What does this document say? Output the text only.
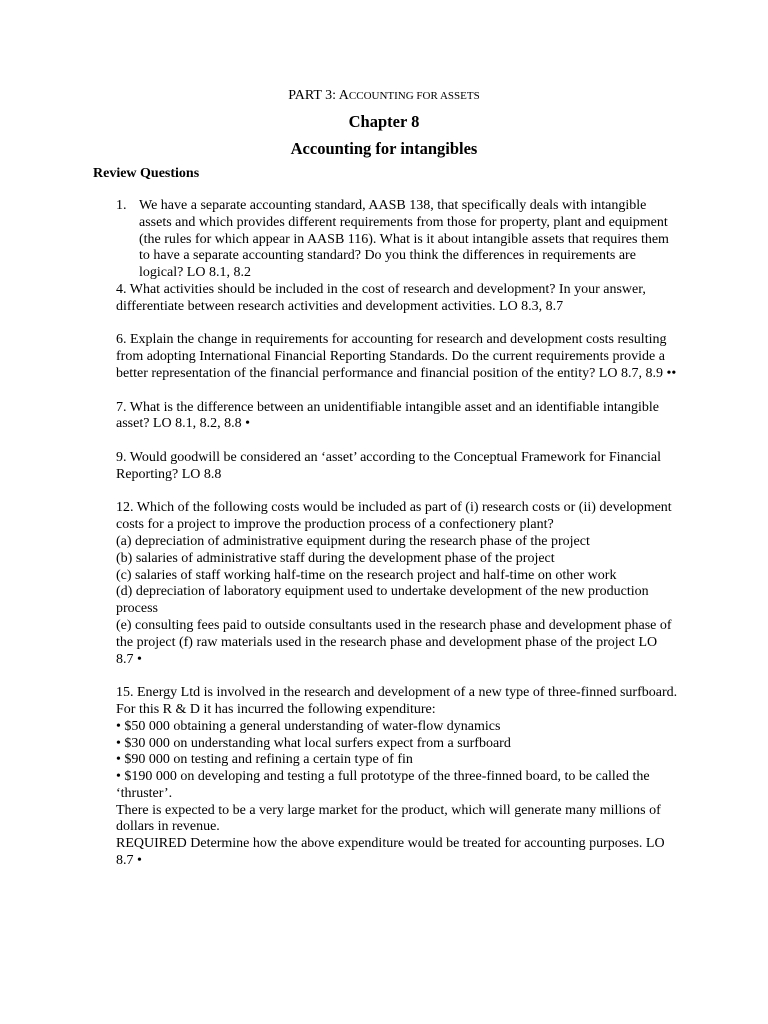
PART 3: ACCOUNTING FOR ASSETS
Chapter 8
Accounting for intangibles
Review Questions
1. We have a separate accounting standard, AASB 138, that specifically deals with intangible assets and which provides different requirements from those for property, plant and equipment (the rules for which appear in AASB 116). What is it about intangible assets that requires them to have a separate accounting standard? Do you think the differences in requirements are logical? LO 8.1, 8.2

4. What activities should be included in the cost of research and development? In your answer, differentiate between research activities and development activities. LO 8.3, 8.7

6. Explain the change in requirements for accounting for research and development costs resulting from adopting International Financial Reporting Standards. Do the current requirements provide a better representation of the financial performance and financial position of the entity? LO 8.7, 8.9 ••

7. What is the difference between an unidentifiable intangible asset and an identifiable intangible asset? LO 8.1, 8.2, 8.8 •

9. Would goodwill be considered an ‘asset’ according to the Conceptual Framework for Financial Reporting? LO 8.8

12. Which of the following costs would be included as part of (i) research costs or (ii) development costs for a project to improve the production process of a confectionery plant?

(a) depreciation of administrative equipment during the research phase of the project

(b) salaries of administrative staff during the development phase of the project

(c) salaries of staff working half-time on the research project and half-time on other work

(d) depreciation of laboratory equipment used to undertake development of the new production process

(e) consulting fees paid to outside consultants used in the research phase and development phase of the project (f) raw materials used in the research phase and development phase of the project LO 8.7 •

15. Energy Ltd is involved in the research and development of a new type of three-finned surfboard. For this R & D it has incurred the following expenditure:

• $50 000 obtaining a general understanding of water-flow dynamics

• $30 000 on understanding what local surfers expect from a surfboard

• $90 000 on testing and refining a certain type of fin

• $190 000 on developing and testing a full prototype of the three-finned board, to be called the ‘thruster’.

There is expected to be a very large market for the product, which will generate many millions of dollars in revenue.

REQUIRED Determine how the above expenditure would be treated for accounting purposes. LO 8.7 •
